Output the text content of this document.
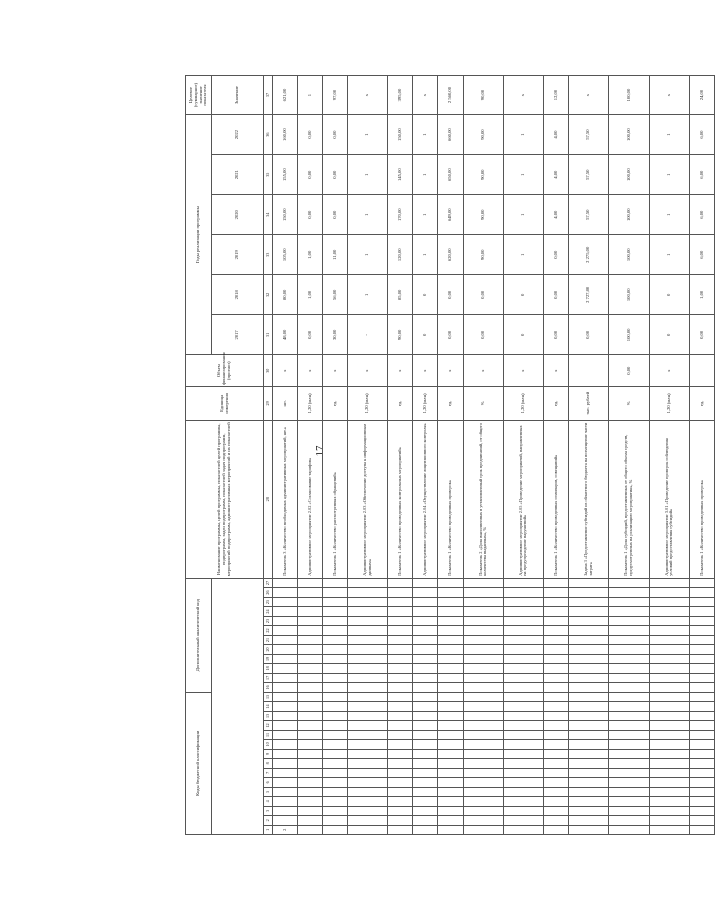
17
Коды бюджетной классификации															Дополнительный аналитический код												Наименование программы, целей программы, показателей целей программы, подпрограмм, задач подпрограмм, показателей задач подпрограмм, мероприятий подпрограмм, административных мероприятий и их показателей	Единица измерения	Объем финансирования (прогноз)	Годы реализации программы						Целевое (суммарное) значение показателя
																														2017	2018	2019	2020	2021	2022	Значение
1	2	3	4	5	6	7	8	9	10	11	12	13	14	15	16	17	18	19	20	21	22	23	24	25	26	27	28	29	30	31	32	33	34	35	36	37
2																											Показатель 3 «Количество необходимых административных мероприятий, шт.»	шт.	x	48,00	80,00	105,00	150,00	155,00	160,00	621,00
																											Административное мероприятие 2.02 «Согласование тарифов»	1,20 (млн)	x	0,00	1,00	1,00	0,00	0,00	0,00	1
																											Показатель 1 «Количество рассмотренных обращений»	ед.	x	30,00	56,00	11,00	0,00	0,00	0,00	97,00
																											Административное мероприятие 2.03 «Обеспечение доступа к информационным данным»	1,20 (млн)	x	-	1	1	1	1	1	x
																											Показатель 1 «Количество проведенных контрольных мероприятий»	ед.	x	90,00	85,00	120,00	170,00	145,00	150,00	395,00
																											Административное мероприятие 2.04 «Осуществление лицензионного контроля»	1,20 (млн)	x	0	0	1	1	1	1	x
																											Показатель 1 «Количество проведенных проверок»	ед.	x	0,00	0,00	620,00	649,00	650,00	660,00	2 560,00
																											Показатель 2 «Доля выполненных в установленный срок предписаний, от общего количества выданных», %	%	x	0,00	0,00	90,00	90,00	90,00	90,00	90,00
																											Административное мероприятие 2.05 «Проведение мероприятий, направленных на предупреждение нарушений»	1,20 (млн)	x	0	0	1	1	1	1	x
																											Показатель 1 «Количество проведенных семинаров, совещаний»	ед.	x	0,00	0,00	0,00	4,00	4,00	4,00	12,00
																											Задача 3 «Предоставление субсидий из областного бюджета на возмещение части затрат»	тыс. рублей		0,00	2 727,80	2 275,00	57,50	57,50	57,50	x
																											Показатель 1 «Доля субсидий, предоставленных от общего объема средств, предусмотренных на реализацию мероприятия», %	%	0,00	100,00	100,00	100,00	100,00	100,00	100,00	100,00
																											Административное мероприятие 3.01 «Проведение проверок соблюдения условий предоставления субсидий»	1,20 (млн)	x	0	0	1	1	1	1	x
																											Показатель 1 «Количество проведенных проверок»	ед.		0,00	1,00	6,00	6,00	6,00	6,00	24,00
